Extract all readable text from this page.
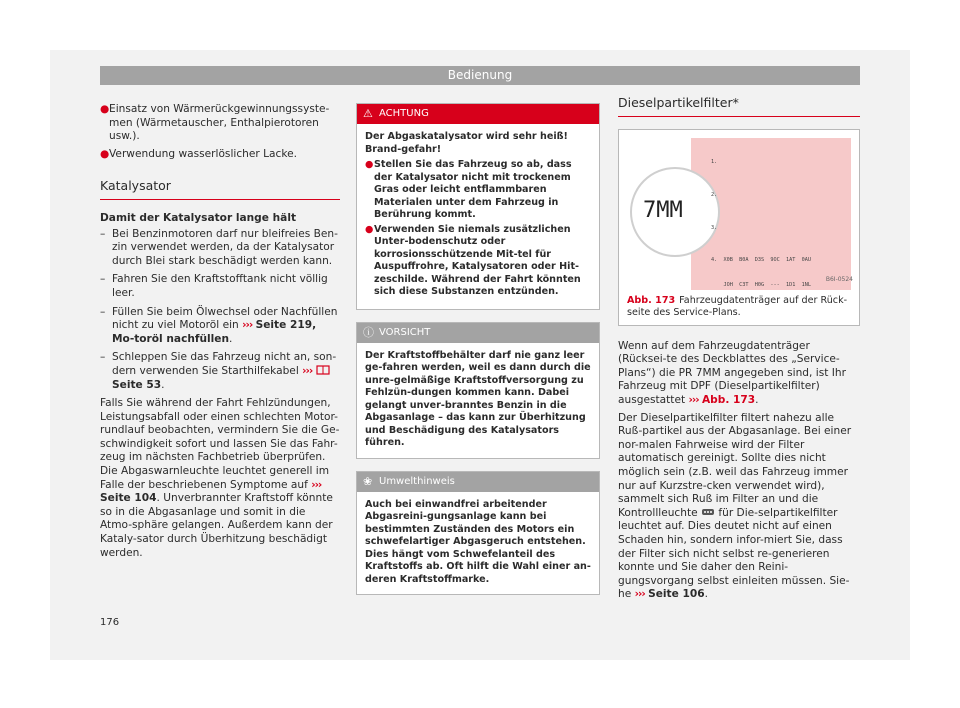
Bedienung
● Einsatz von Wärmerückgewinnungssyste-men (Wärmetauscher, Enthalpierotoren usw.).
● Verwendung wasserlöslicher Lacke.
Katalysator

Damit der Katalysator lange hält

– Bei Benzinmotoren darf nur bleifreies Ben-zin verwendet werden, da der Katalysator durch Blei stark beschädigt werden kann.
– Fahren Sie den Kraftstofftank nicht völlig leer.
– Füllen Sie beim Ölwechsel oder Nachfüllen nicht zu viel Motoröl ein ››› Seite 219, Mo-toröl nachfüllen.
– Schleppen Sie das Fahrzeug nicht an, son-dern verwenden Sie Starthilfekabel ›››  Seite 53.

Falls Sie während der Fahrt Fehlzündungen, Leistungsabfall oder einen schlechten Motor-rundlauf beobachten, vermindern Sie die Ge-schwindigkeit sofort und lassen Sie das Fahr-zeug im nächsten Fachbetrieb überprüfen.

Die Abgaswarnleuchte leuchtet generell im Falle der beschriebenen Symptome auf ››› Seite 104. Unverbrannter Kraftstoff könnte so in die Abgasanlage und somit in die Atmo-sphäre gelangen. Außerdem kann der Kataly-sator durch Überhitzung beschädigt werden.

⚠ ACHTUNG

Der Abgaskatalysator wird sehr heiß! Brand-gefahr!

● Stellen Sie das Fahrzeug so ab, dass der Katalysator nicht mit trockenem Gras oder leicht entflammbaren Materialen unter dem Fahrzeug in Berührung kommt.
● Verwenden Sie niemals zusätzlichen Unter-bodenschutz oder korrosionsschützende Mit-tel für Auspuffrohre, Katalysatoren oder Hit-zeschilde. Während der Fahrt könnten sich diese Substanzen entzünden.
ⓘ VORSICHT

Der Kraftstoffbehälter darf nie ganz leer ge-fahren werden, weil es dann durch die unre-gelmäßige Kraftstoffversorgung zu Fehlzün-dungen kommen kann. Dabei gelangt unver-branntes Benzin in die Abgasanlage – das kann zur Überhitzung und Beschädigung des Katalysators führen.

❀ Umwelthinweis

Auch bei einwandfrei arbeitender Abgasreini-gungsanlage kann bei bestimmten Zuständen des Motors ein schwefelartiger Abgasgeruch entstehen. Dies hängt vom Schwefelanteil des Kraftstoffs ab. Oft hilft die Wahl einer an-deren Kraftstoffmarke.

Dieselpartikelfilter*

1.

2.

3.

4.  X0B  B0A  D3S  9OC  1AT  0AU

JOH  C3T  H0G  ---  1D1  1NL

7MM
B6I-0524
Abb. 173 Fahrzeugdatenträger auf der Rück-seite des Service-Plans.

Wenn auf dem Fahrzeugdatenträger (Rücksei-te des Deckblattes des „Service-Plans“) die PR 7MM angegeben sind, ist Ihr Fahrzeug mit DPF (Dieselpartikelfilter) ausgestattet ››› Abb. 173.

Der Dieselpartikelfilter filtert nahezu alle Ruß-partikel aus der Abgasanlage. Bei einer nor-malen Fahrweise wird der Filter automatisch gereinigt. Sollte dies nicht möglich sein (z.B. weil das Fahrzeug immer nur auf Kurzstre-cken verwendet wird), sammelt sich Ruß im Filter an und die Kontrollleuchte  für Die-selpartikelfilter leuchtet auf. Dies deutet nicht auf einen Schaden hin, sondern infor-miert Sie, dass der Filter sich nicht selbst re-generieren konnte und Sie daher den Reini-gungsvorgang selbst einleiten müssen. Sie-he ››› Seite 106.

176
